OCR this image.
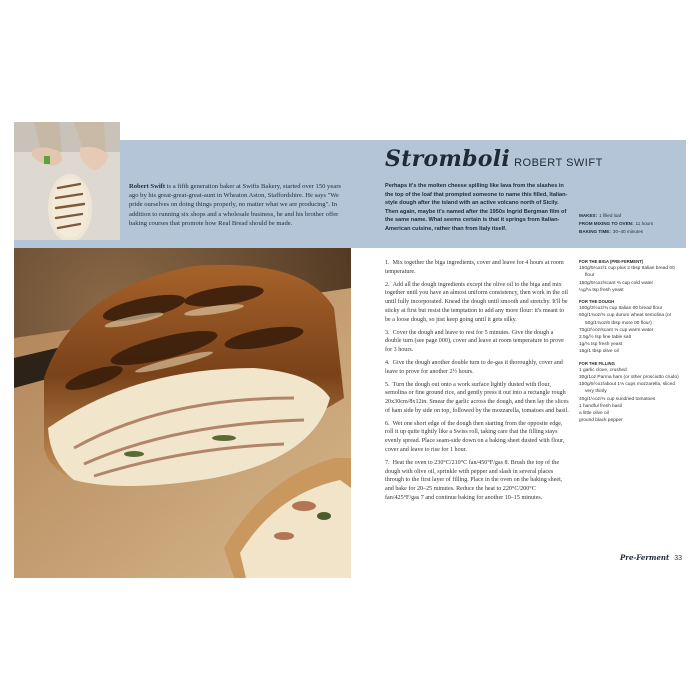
Robert Swift is a fifth generation baker at Swifts Bakery, started over 150 years ago by his great-great-great-aunt in Wheaton Aston, Staffordshire. He says "We pride ourselves on doing things properly, no matter what we are producing". In addition to running six shops and a wholesale business, he and his brother offer baking courses that promote how Real Bread should be made.
Stromboli ROBERT SWIFT
Perhaps it's the molten cheese spilling like lava from the slashes in the top of the loaf that prompted someone to name this filled, Italian-style dough after the island with an active volcano north of Sicily. Then again, maybe it's named after the 1950s Ingrid Bergman film of the same name. What seems certain is that it springs from Italian-American cuisine, rather than from Italy itself.
MAKES: 1 filled loaf
FROM MIXING TO OVEN: 11 hours
BAKING TIME: 30–40 minutes
1.  Mix together the biga ingredients, cover and leave for 4 hours at room temperature.
2.  Add all the dough ingredients except the olive oil to the biga and mix together until you have an almost uniform consistency, then work in the oil until fully incorporated. Knead the dough until smooth and stretchy. It'll be sticky at first but resist the temptation to add any more flour: it's meant to be a loose dough, so just keep going until it gets silky.
3.  Cover the dough and leave to rest for 5 minutes. Give the dough a double turn (see page 000), cover and leave at room temperature to prove for 3 hours.
4.  Give the dough another double turn to de-gas it thoroughly, cover and leave to prove for another 2½ hours.
5.  Turn the dough out onto a work surface lightly dusted with flour, semolina or fine ground rice, and gently press it out into a rectangle rough 20x30cm/8x12in. Smear the garlic across the dough, and then lay the slices of ham side by side on top, followed by the mozzarella, tomatoes and basil.
6.  Wet one short edge of the dough then starting from the opposite edge, roll it up quite tightly like a Swiss roll, taking care that the filling stays evenly spread. Place seam-side down on a baking sheet dusted with flour, cover and leave to rise for 1 hour.
7.  Heat the oven to 230°C/210°C fan/450°F/gas 8. Brush the top of the dough with olive oil, sprinkle with pepper and slash in several places through to the first layer of filling. Place in the oven on the baking sheet, and bake for 20–25 minutes. Reduce the heat to 220°C/200°C fan/425°F/gas 7 and continue baking for another 10–15 minutes.
FOR THE BIGA (PRE-FERMENT)
150g/5¼oz/1 cup plus 2 tbsp Italian bread 00 flour
150g/5¼oz/scant ⅔ cup cold water
¼g/⅛ tsp fresh yeast
FOR THE DOUGH
100g/3½oz/¾ cup Italian 00 bread flour
50g/1¾oz/⅓ cup durum wheat semolina (or 50g/1¾oz/6 tbsp more 00 flour)
70g/2½oz/scant ⅓ cup warm water
2.5g/½ tsp fine table salt
1g/⅛ tsp fresh yeast
15g/1 tbsp olive oil
FOR THE FILLING
1 garlic clove, crushed
30g/1oz Parma ham (or other prosciutto crudo)
150g/5½oz/about 1⅓ cups mozzarella, sliced very thinly
40g/1½oz/⅓ cup sundried tomatoes
1 handful fresh basil
a little olive oil
ground black pepper
Pre-Ferment 33
